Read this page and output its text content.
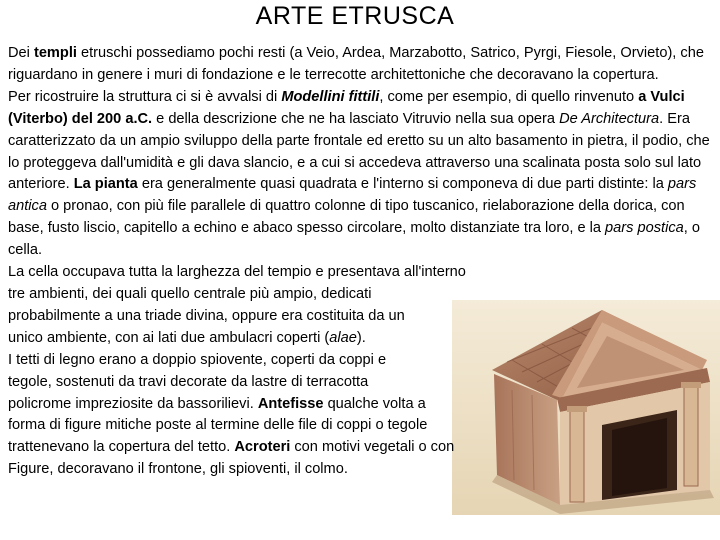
ARTE ETRUSCA

Dei templi etruschi possediamo pochi resti (a Veio, Ardea, Marzabotto, Satrico, Pyrgi, Fiesole, Orvieto), che riguardano in genere i muri di fondazione e le terrecotte architettoniche che decoravano la copertura.

Per ricostruire la struttura ci si è avvalsi di Modellini fittili, come per esempio, di quello rinvenuto a Vulci (Viterbo) del 200 a.C. e della descrizione che ne ha lasciato Vitruvio nella sua opera De Architectura. Era caratterizzato da un ampio sviluppo della parte frontale ed eretto su un alto basamento in pietra, il podio, che lo proteggeva dall'umidità e gli dava slancio, e a cui si accedeva attraverso una scalinata posta solo sul lato anteriore. La pianta era generalmente quasi quadrata e l'interno si componeva di due parti distinte: la pars antica o pronao, con più file parallele di quattro colonne di tipo tuscanico, rielaborazione della dorica, con base, fusto liscio, capitello a echino e abaco spesso circolare, molto distanziate tra loro, e la pars postica, o cella.

La cella occupava tutta la larghezza del tempio e presentava all'interno

tre ambienti, dei quali quello centrale più ampio, dedicati

probabilmente a una triade divina, oppure era costituita da un

unico ambiente, con ai lati due ambulacri coperti (alae).

I tetti di legno erano a doppio spiovente, coperti da coppi e

tegole, sostenuti da travi decorate da lastre di terracotta

policrome impreziosite da bassorilievi. Antefisse qualche volta a

forma di figure mitiche poste al termine delle file di coppi o tegole

trattenevano la copertura del tetto. Acroteri con motivi vegetali o con

Figure, decoravano il frontone, gli spioventi, il colmo.
